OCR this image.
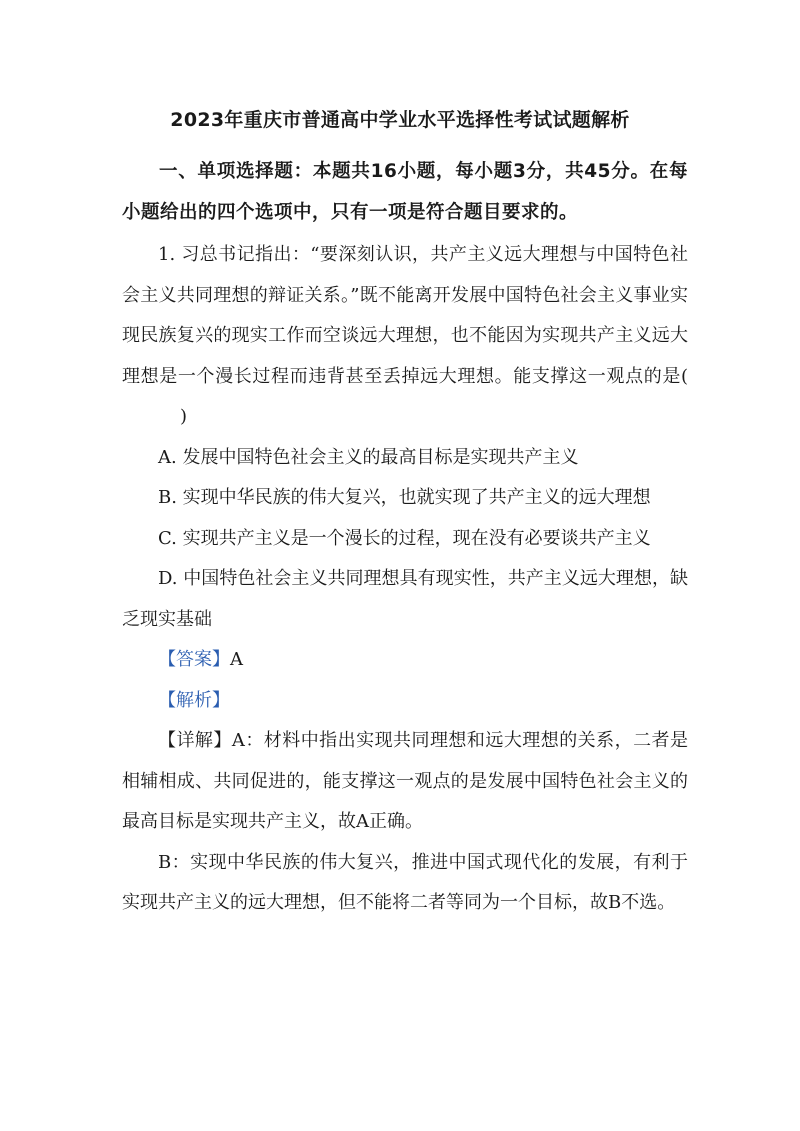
2023年重庆市普通高中学业水平选择性考试试题解析

一、单项选择题：本题共16小题，每小题3分，共45分。在每小题给出的四个选项中，只有一项是符合题目要求的。

1. 习总书记指出：“要深刻认识，共产主义远大理想与中国特色社会主义共同理想的辩证关系。”既不能离开发展中国特色社会主义事业实现民族复兴的现实工作而空谈远大理想，也不能因为实现共产主义远大理想是一个漫长过程而违背甚至丢掉远大理想。能支撑这一观点的是()

A. 发展中国特色社会主义的最高目标是实现共产主义

B. 实现中华民族的伟大复兴，也就实现了共产主义的远大理想

C. 实现共产主义是一个漫长的过程，现在没有必要谈共产主义

D. 中国特色社会主义共同理想具有现实性，共产主义远大理想，缺乏现实基础

【答案】A

【解析】

【详解】A：材料中指出实现共同理想和远大理想的关系，二者是相辅相成、共同促进的，能支撑这一观点的是发展中国特色社会主义的最高目标是实现共产主义，故A正确。

B：实现中华民族的伟大复兴，推进中国式现代化的发展，有利于实现共产主义的远大理想，但不能将二者等同为一个目标，故B不选。
